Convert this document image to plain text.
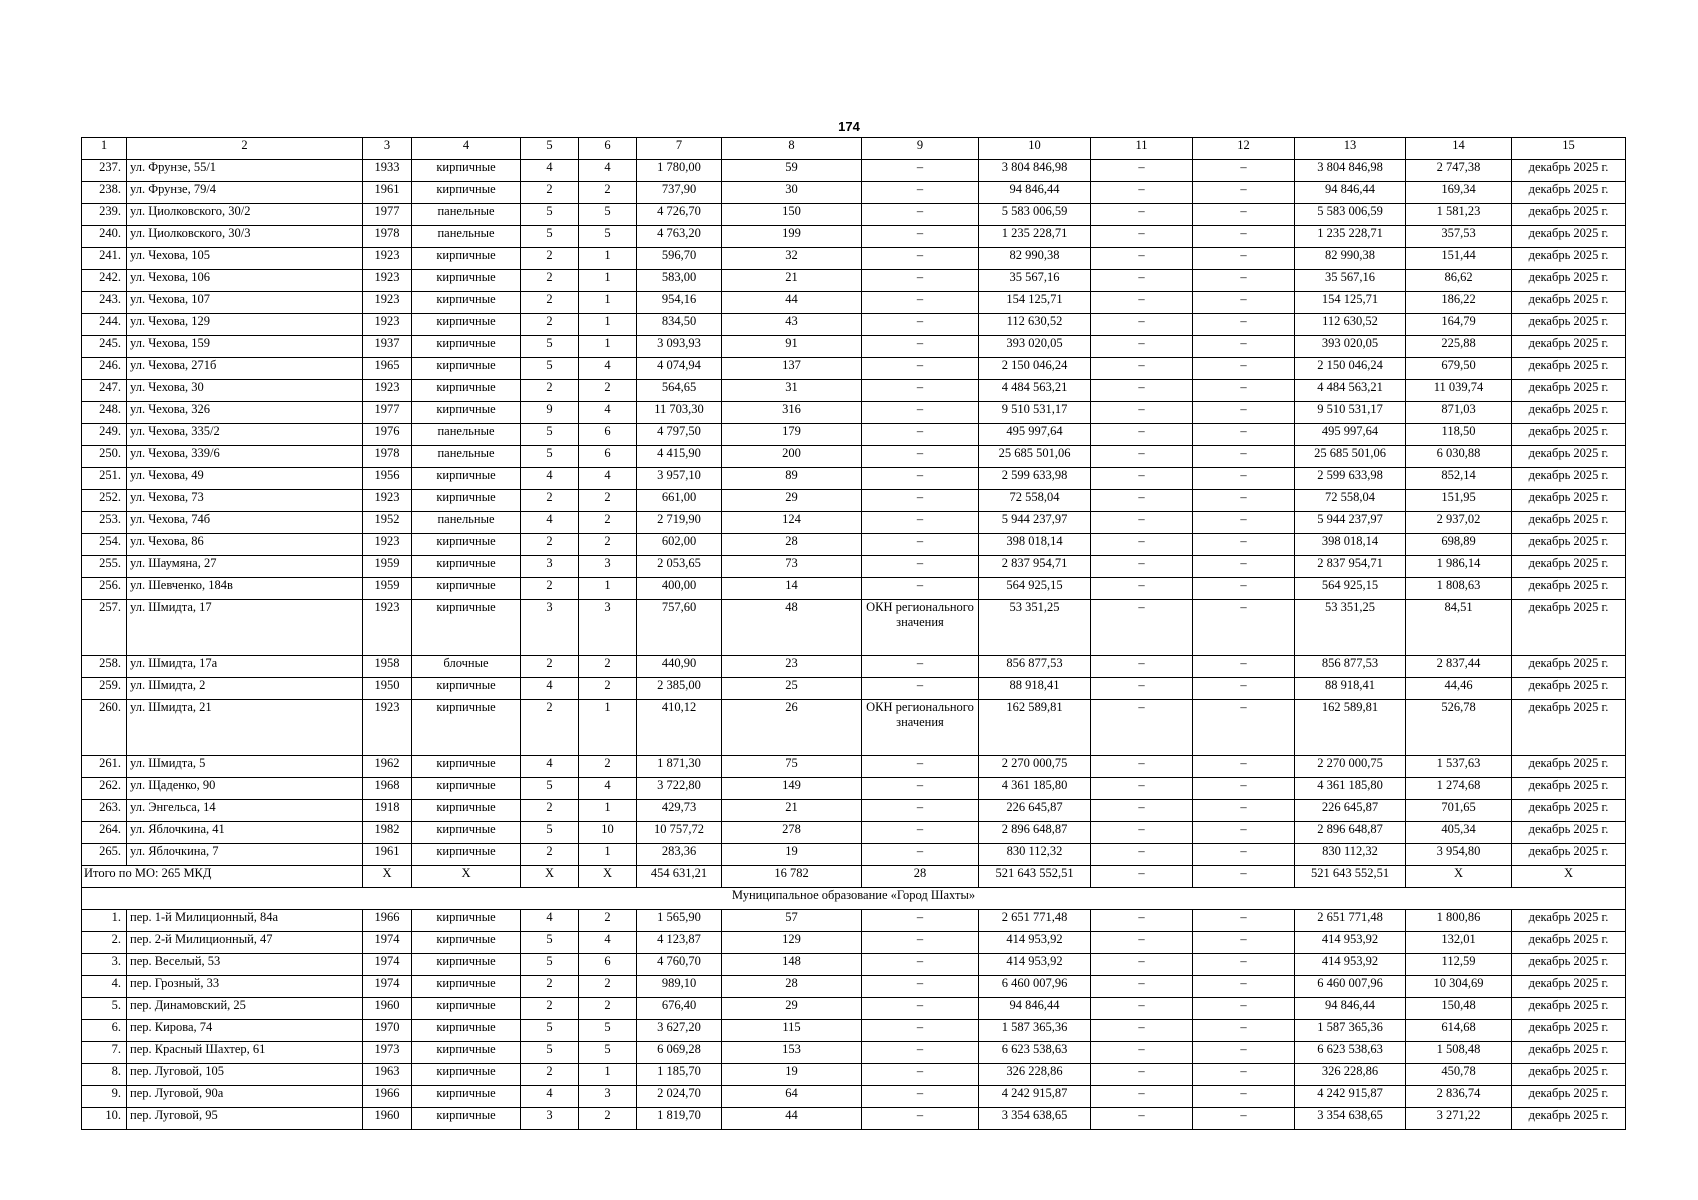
174
1	2	3	4	5	6	7	8	9	10	11	12	13	14	15
237.	ул. Фрунзе, 55/1	1933	кирпичные	4	4	1 780,00	59	–	3 804 846,98	–	–	3 804 846,98	2 747,38	декабрь 2025 г.
238.	ул. Фрунзе, 79/4	1961	кирпичные	2	2	737,90	30	–	94 846,44	–	–	94 846,44	169,34	декабрь 2025 г.
239.	ул. Циолковского, 30/2	1977	панельные	5	5	4 726,70	150	–	5 583 006,59	–	–	5 583 006,59	1 581,23	декабрь 2025 г.
240.	ул. Циолковского, 30/3	1978	панельные	5	5	4 763,20	199	–	1 235 228,71	–	–	1 235 228,71	357,53	декабрь 2025 г.
241.	ул. Чехова, 105	1923	кирпичные	2	1	596,70	32	–	82 990,38	–	–	82 990,38	151,44	декабрь 2025 г.
242.	ул. Чехова, 106	1923	кирпичные	2	1	583,00	21	–	35 567,16	–	–	35 567,16	86,62	декабрь 2025 г.
243.	ул. Чехова, 107	1923	кирпичные	2	1	954,16	44	–	154 125,71	–	–	154 125,71	186,22	декабрь 2025 г.
244.	ул. Чехова, 129	1923	кирпичные	2	1	834,50	43	–	112 630,52	–	–	112 630,52	164,79	декабрь 2025 г.
245.	ул. Чехова, 159	1937	кирпичные	5	1	3 093,93	91	–	393 020,05	–	–	393 020,05	225,88	декабрь 2025 г.
246.	ул. Чехова, 271б	1965	кирпичные	5	4	4 074,94	137	–	2 150 046,24	–	–	2 150 046,24	679,50	декабрь 2025 г.
247.	ул. Чехова, 30	1923	кирпичные	2	2	564,65	31	–	4 484 563,21	–	–	4 484 563,21	11 039,74	декабрь 2025 г.
248.	ул. Чехова, 326	1977	кирпичные	9	4	11 703,30	316	–	9 510 531,17	–	–	9 510 531,17	871,03	декабрь 2025 г.
249.	ул. Чехова, 335/2	1976	панельные	5	6	4 797,50	179	–	495 997,64	–	–	495 997,64	118,50	декабрь 2025 г.
250.	ул. Чехова, 339/6	1978	панельные	5	6	4 415,90	200	–	25 685 501,06	–	–	25 685 501,06	6 030,88	декабрь 2025 г.
251.	ул. Чехова, 49	1956	кирпичные	4	4	3 957,10	89	–	2 599 633,98	–	–	2 599 633,98	852,14	декабрь 2025 г.
252.	ул. Чехова, 73	1923	кирпичные	2	2	661,00	29	–	72 558,04	–	–	72 558,04	151,95	декабрь 2025 г.
253.	ул. Чехова, 74б	1952	панельные	4	2	2 719,90	124	–	5 944 237,97	–	–	5 944 237,97	2 937,02	декабрь 2025 г.
254.	ул. Чехова, 86	1923	кирпичные	2	2	602,00	28	–	398 018,14	–	–	398 018,14	698,89	декабрь 2025 г.
255.	ул. Шаумяна, 27	1959	кирпичные	3	3	2 053,65	73	–	2 837 954,71	–	–	2 837 954,71	1 986,14	декабрь 2025 г.
256.	ул. Шевченко, 184в	1959	кирпичные	2	1	400,00	14	–	564 925,15	–	–	564 925,15	1 808,63	декабрь 2025 г.
257.	ул. Шмидта, 17	1923	кирпичные	3	3	757,60	48	ОКН регионального значения	53 351,25	–	–	53 351,25	84,51	декабрь 2025 г.
258.	ул. Шмидта, 17а	1958	блочные	2	2	440,90	23	–	856 877,53	–	–	856 877,53	2 837,44	декабрь 2025 г.
259.	ул. Шмидта, 2	1950	кирпичные	4	2	2 385,00	25	–	88 918,41	–	–	88 918,41	44,46	декабрь 2025 г.
260.	ул. Шмидта, 21	1923	кирпичные	2	1	410,12	26	ОКН регионального значения	162 589,81	–	–	162 589,81	526,78	декабрь 2025 г.
261.	ул. Шмидта, 5	1962	кирпичные	4	2	1 871,30	75	–	2 270 000,75	–	–	2 270 000,75	1 537,63	декабрь 2025 г.
262.	ул. Щаденко, 90	1968	кирпичные	5	4	3 722,80	149	–	4 361 185,80	–	–	4 361 185,80	1 274,68	декабрь 2025 г.
263.	ул. Энгельса, 14	1918	кирпичные	2	1	429,73	21	–	226 645,87	–	–	226 645,87	701,65	декабрь 2025 г.
264.	ул. Яблочкина, 41	1982	кирпичные	5	10	10 757,72	278	–	2 896 648,87	–	–	2 896 648,87	405,34	декабрь 2025 г.
265.	ул. Яблочкина, 7	1961	кирпичные	2	1	283,36	19	–	830 112,32	–	–	830 112,32	3 954,80	декабрь 2025 г.
Итого по МО: 265 МКД		Х	Х	Х	Х	454 631,21	16 782	28	521 643 552,51	–	–	521 643 552,51	Х	Х
Муниципальное образование «Город Шахты»														
1.	пер. 1-й Милиционный, 84а	1966	кирпичные	4	2	1 565,90	57	–	2 651 771,48	–	–	2 651 771,48	1 800,86	декабрь 2025 г.
2.	пер. 2-й Милиционный, 47	1974	кирпичные	5	4	4 123,87	129	–	414 953,92	–	–	414 953,92	132,01	декабрь 2025 г.
3.	пер. Веселый, 53	1974	кирпичные	5	6	4 760,70	148	–	414 953,92	–	–	414 953,92	112,59	декабрь 2025 г.
4.	пер. Грозный, 33	1974	кирпичные	2	2	989,10	28	–	6 460 007,96	–	–	6 460 007,96	10 304,69	декабрь 2025 г.
5.	пер. Динамовский, 25	1960	кирпичные	2	2	676,40	29	–	94 846,44	–	–	94 846,44	150,48	декабрь 2025 г.
6.	пер. Кирова, 74	1970	кирпичные	5	5	3 627,20	115	–	1 587 365,36	–	–	1 587 365,36	614,68	декабрь 2025 г.
7.	пер. Красный Шахтер, 61	1973	кирпичные	5	5	6 069,28	153	–	6 623 538,63	–	–	6 623 538,63	1 508,48	декабрь 2025 г.
8.	пер. Луговой, 105	1963	кирпичные	2	1	1 185,70	19	–	326 228,86	–	–	326 228,86	450,78	декабрь 2025 г.
9.	пер. Луговой, 90а	1966	кирпичные	4	3	2 024,70	64	–	4 242 915,87	–	–	4 242 915,87	2 836,74	декабрь 2025 г.
10.	пер. Луговой, 95	1960	кирпичные	3	2	1 819,70	44	–	3 354 638,65	–	–	3 354 638,65	3 271,22	декабрь 2025 г.
